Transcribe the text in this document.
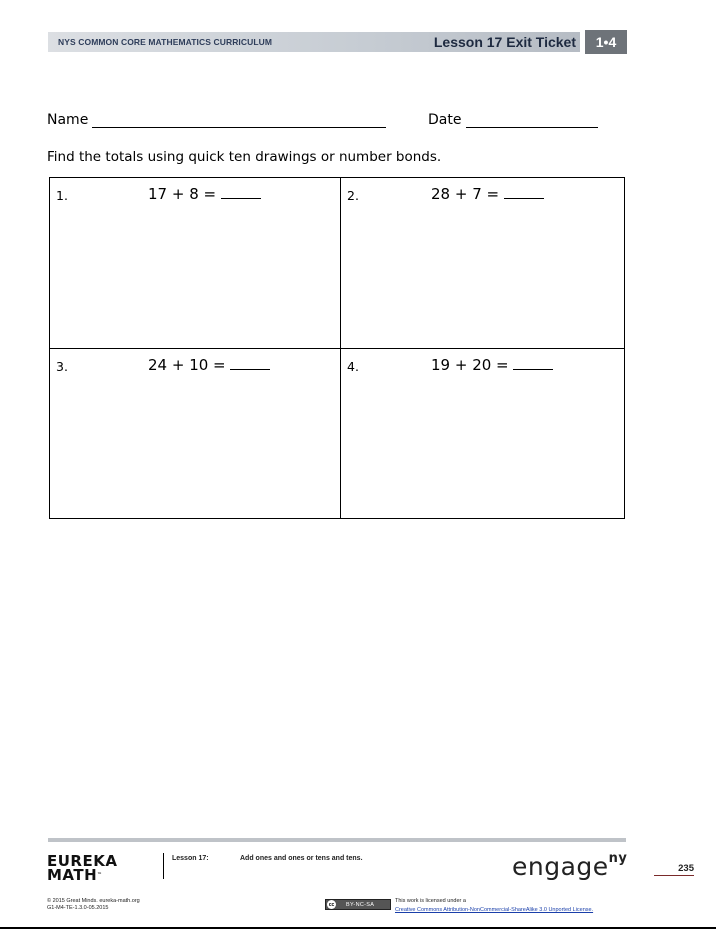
NYS COMMON CORE MATHEMATICS CURRICULUM	Lesson 17 Exit Ticket	1•4
Name	Date
Find the totals using quick ten drawings or number bonds.
1.	17 + 8 =	2.	28 + 7 =
3.	24 + 10 =	4.	19 + 20 =
EUREKA
MATH™
Lesson 17:	Add ones and ones or tens and tens.	engage$^{ny}$
235
© 2015 Great Minds. eureka-math.org
G1-M4-TE-1.3.0-05.2015
cc	BY-NC-SA
This work is licensed under a
Creative Commons Attribution-NonCommercial-ShareAlike 3.0 Unported License.
